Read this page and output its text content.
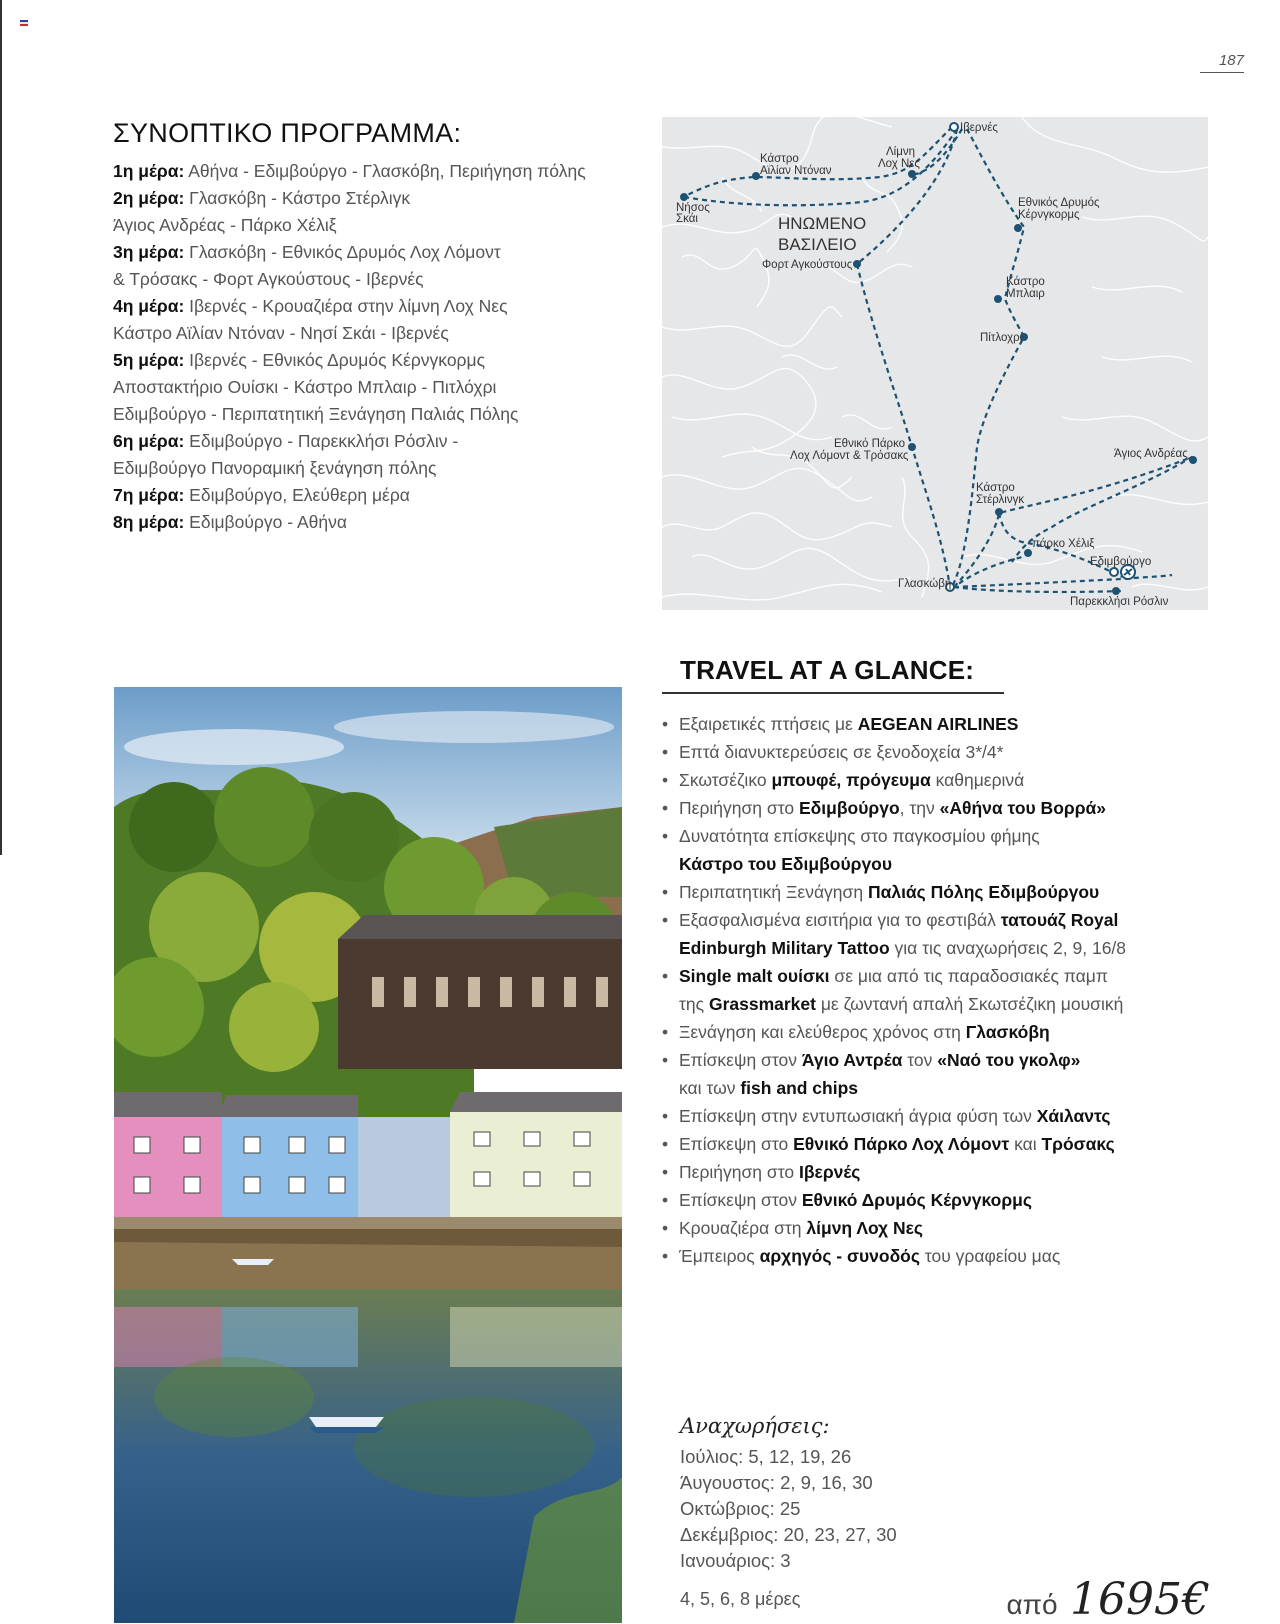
187
ΣΥΝΟΠΤΙΚΟ ΠΡΟΓΡΑΜΜΑ:
1η μέρα: Αθήνα - Εδιμβούργο - Γλασκόβη, Περιήγηση πόλης
2η μέρα: Γλασκόβη - Κάστρο Στέρλιγκ
Άγιος Ανδρέας - Πάρκο Χέλιξ
3η μέρα: Γλασκόβη - Εθνικός Δρυμός Λοχ Λόμοντ
& Τρόσακς - Φορτ Αγκούστους - Ιβερνές
4η μέρα: Ιβερνές - Κρουαζιέρα στην λίμνη Λοχ Νες
Κάστρο Αϊλίαν Ντόναν - Νησί Σκάι - Ιβερνές
5η μέρα: Ιβερνές - Εθνικός Δρυμός Κέρνγκορμς
Αποστακτήριο Ουίσκι - Κάστρο Μπλαιρ - Πιτλόχρι
Εδιμβούργο - Περιπατητική Ξενάγηση Παλιάς Πόλης
6η μέρα: Εδιμβούργο - Παρεκκλήσι Ρόσλιν -
Εδιμβούργο Πανοραμική ξενάγηση πόλης
7η μέρα: Εδιμβούργο, Ελεύθερη μέρα
8η μέρα: Εδιμβούργο - Αθήνα
Ιβερνές
Λίμνη
Λοχ Νες
Κάστρο
Αϊλίαν Ντόναν
Νήσος
Σκάι
Εθνικός Δρυμός
Κέρνγκορμς
Φορτ Αγκούστους
Κάστρο
Μπλαιρ
Πίτλοχρι
Εθνικό Πάρκο
Λοχ Λόμοντ & Τρόσακς	Άγιος Ανδρέας
Κάστρο
Στέρλινγκ
πάρκο Χέλιξ
Εδιμβούργο
Γλασκώβη
Παρεκκλήσι Ρόσλιν
ΗΝΩΜΕΝΟ
ΒΑΣΙΛΕΙΟ
TRAVEL AT A GLANCE:
• Εξαιρετικές πτήσεις με AEGEAN AIRLINES
• Επτά διανυκτερεύσεις σε ξενοδοχεία 3*/4*
• Σκωτσέζικο μπουφέ, πρόγευμα καθημερινά
• Περιήγηση στο Εδιμβούργο, την «Αθήνα του Βορρά»
• Δυνατότητα επίσκεψης στο παγκοσμίου φήμης
Κάστρο του Εδιμβούργου
• Περιπατητική Ξενάγηση Παλιάς Πόλης Εδιμβούργου
• Εξασφαλισμένα εισιτήρια για το φεστιβάλ τατουάζ Royal
Edinburgh Military Tattoo για τις αναχωρήσεις 2, 9, 16/8
• Single malt ουίσκι σε μια από τις παραδοσιακές παμπ
της Grassmarket με ζωντανή απαλή Σκωτσέζικη μουσική
• Ξενάγηση και ελεύθερος χρόνος στη Γλασκόβη
• Επίσκεψη στον Άγιο Αντρέα τον «Ναό του γκολφ»
και των fish and chips
• Επίσκεψη στην εντυπωσιακή άγρια φύση των Χάιλαντς
• Επίσκεψη στο Εθνικό Πάρκο Λοχ Λόμοντ και Τρόσακς
• Περιήγηση στο Ιβερνές
• Επίσκεψη στον Εθνικό Δρυμός Κέρνγκορμς
• Κρουαζιέρα στη λίμνη Λοχ Νες
• Έμπειρος αρχηγός - συνοδός του γραφείου μας
Αναχωρήσεις:
Ιούλιος: 5, 12, 19, 26
Άυγουστος: 2, 9, 16, 30
Οκτώβριος: 25
Δεκέμβριος: 20, 23, 27, 30
Ιανουάριος: 3
4, 5, 6, 8 μέρες	από 1695€
